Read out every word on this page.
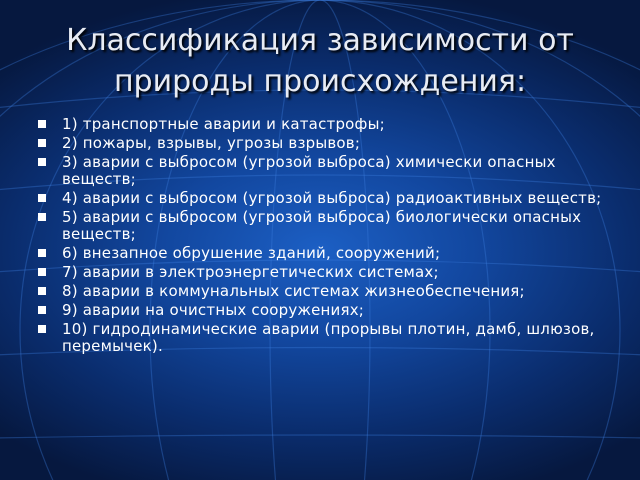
Классификация зависимости от природы происхождения:
1) транспортные аварии и катастрофы;
2) пожары, взрывы, угрозы взрывов;
3) аварии с выбросом (угрозой выброса) химически опасных веществ;
4) аварии с выбросом (угрозой выброса) радиоактивных веществ;
5) аварии с выбросом (угрозой выброса) биологически опасных веществ;
6) внезапное обрушение зданий, сооружений;
7) аварии в электроэнергетических системах;
8) аварии в коммунальных системах жизнеобеспечения;
9) аварии на очистных сооружениях;
10) гидродинамические аварии (прорывы плотин, дамб, шлюзов, перемычек).
